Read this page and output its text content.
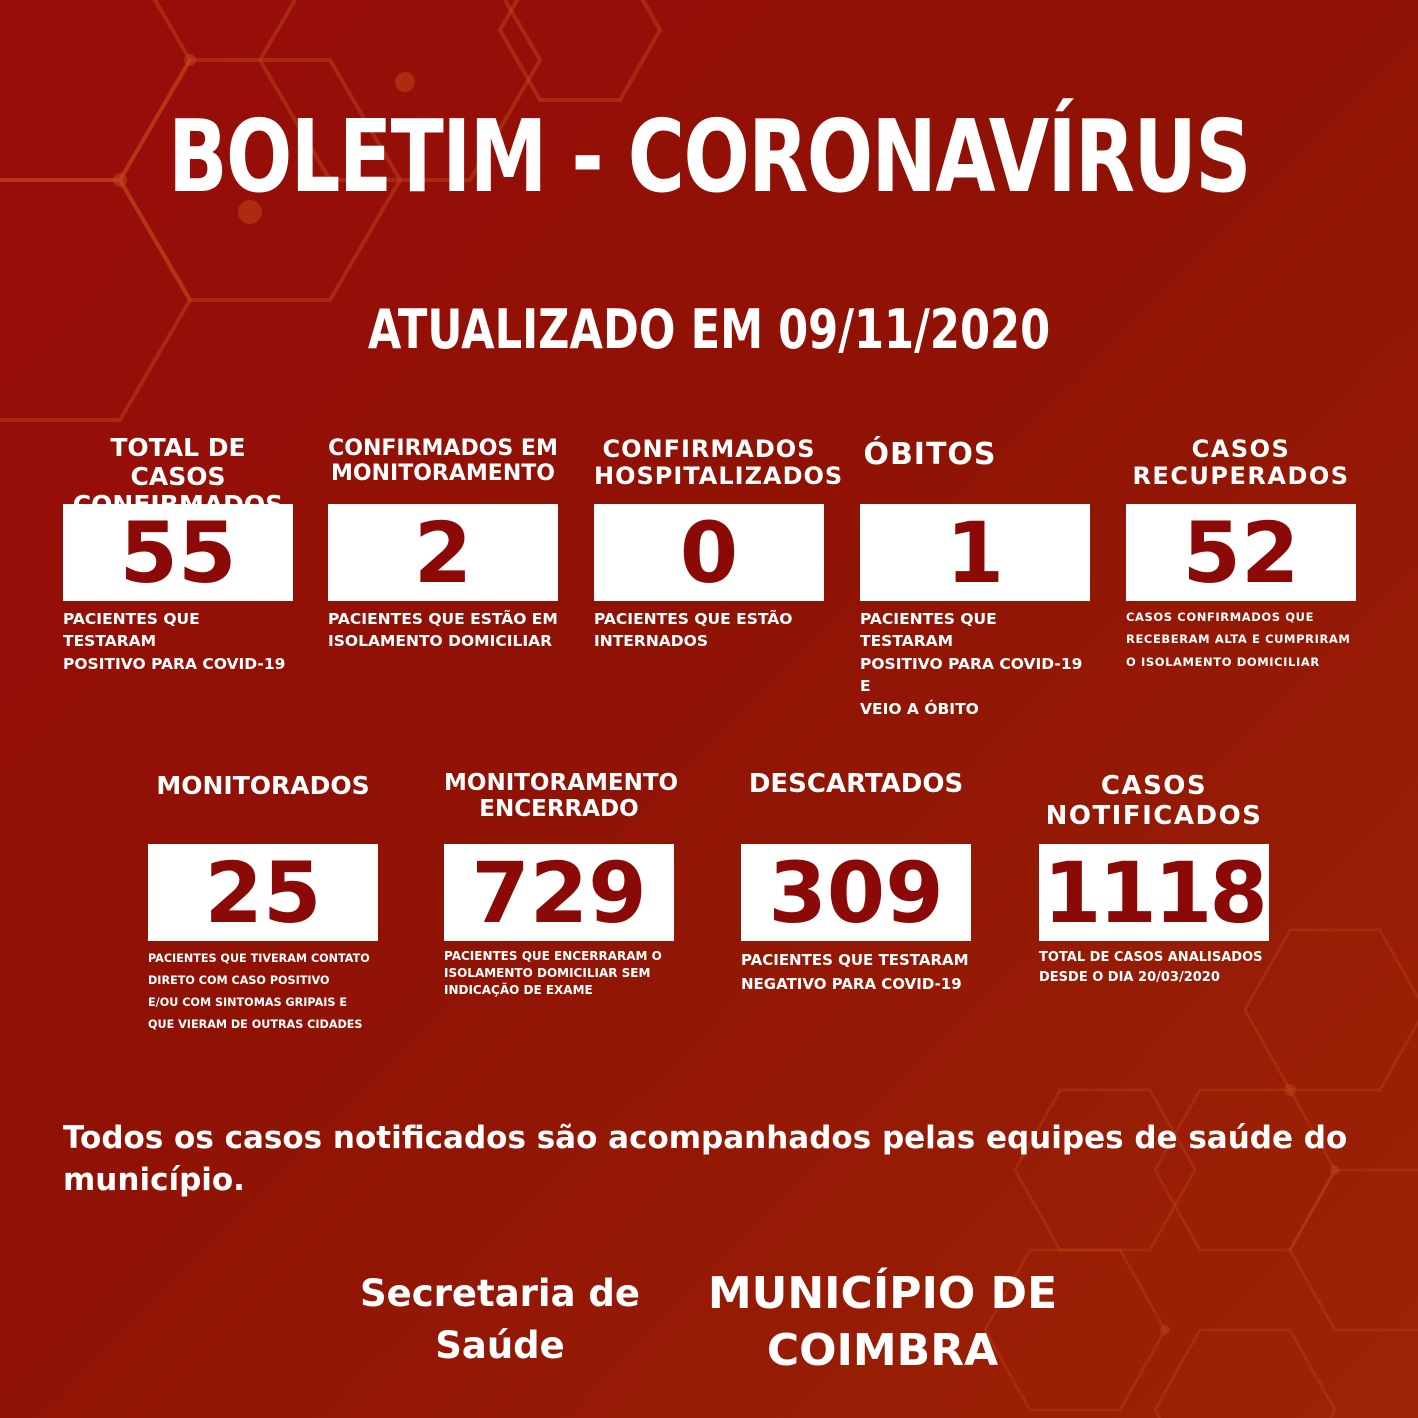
BOLETIM - CORONAVÍRUS
ATUALIZADO EM 09/11/2020
TOTAL DE CASOS

55
PACIENTES QUE TESTARAM
POSITIVO PARA COVID-19
CONFIRMADOS EM
MONITORAMENTO
2
PACIENTES QUE ESTÃO EM
ISOLAMENTO DOMICILIAR
CONFIRMADOS
HOSPITALIZADOS
0
PACIENTES QUE ESTÃO
INTERNADOS
ÓBITOS
1
PACIENTES QUE TESTARAM
POSITIVO PARA COVID-19 E
VEIO A ÓBITO
CASOS
RECUPERADOS
52
CASOS CONFIRMADOS QUE
RECEBERAM ALTA E CUMPRIRAM
O ISOLAMENTO DOMICILIAR
MONITORADOS
25
PACIENTES QUE TIVERAM CONTATO
DIRETO COM CASO POSITIVO
E/OU COM SINTOMAS GRIPAIS E
QUE VIERAM DE OUTRAS CIDADES
MONITORAMENTO
ENCERRADO
729
PACIENTES QUE ENCERRARAM O
ISOLAMENTO DOMICILIAR SEM
INDICAÇÃO DE EXAME
DESCARTADOS
309
PACIENTES QUE TESTARAM
NEGATIVO PARA COVID-19
CASOS
NOTIFICADOS
1118
TOTAL DE CASOS ANALISADOS
DESDE O DIA 20/03/2020
Todos os casos notificados são acompanhados pelas equipes de saúde do município.
Secretaria de
Saúde
MUNICÍPIO DE
COIMBRA
